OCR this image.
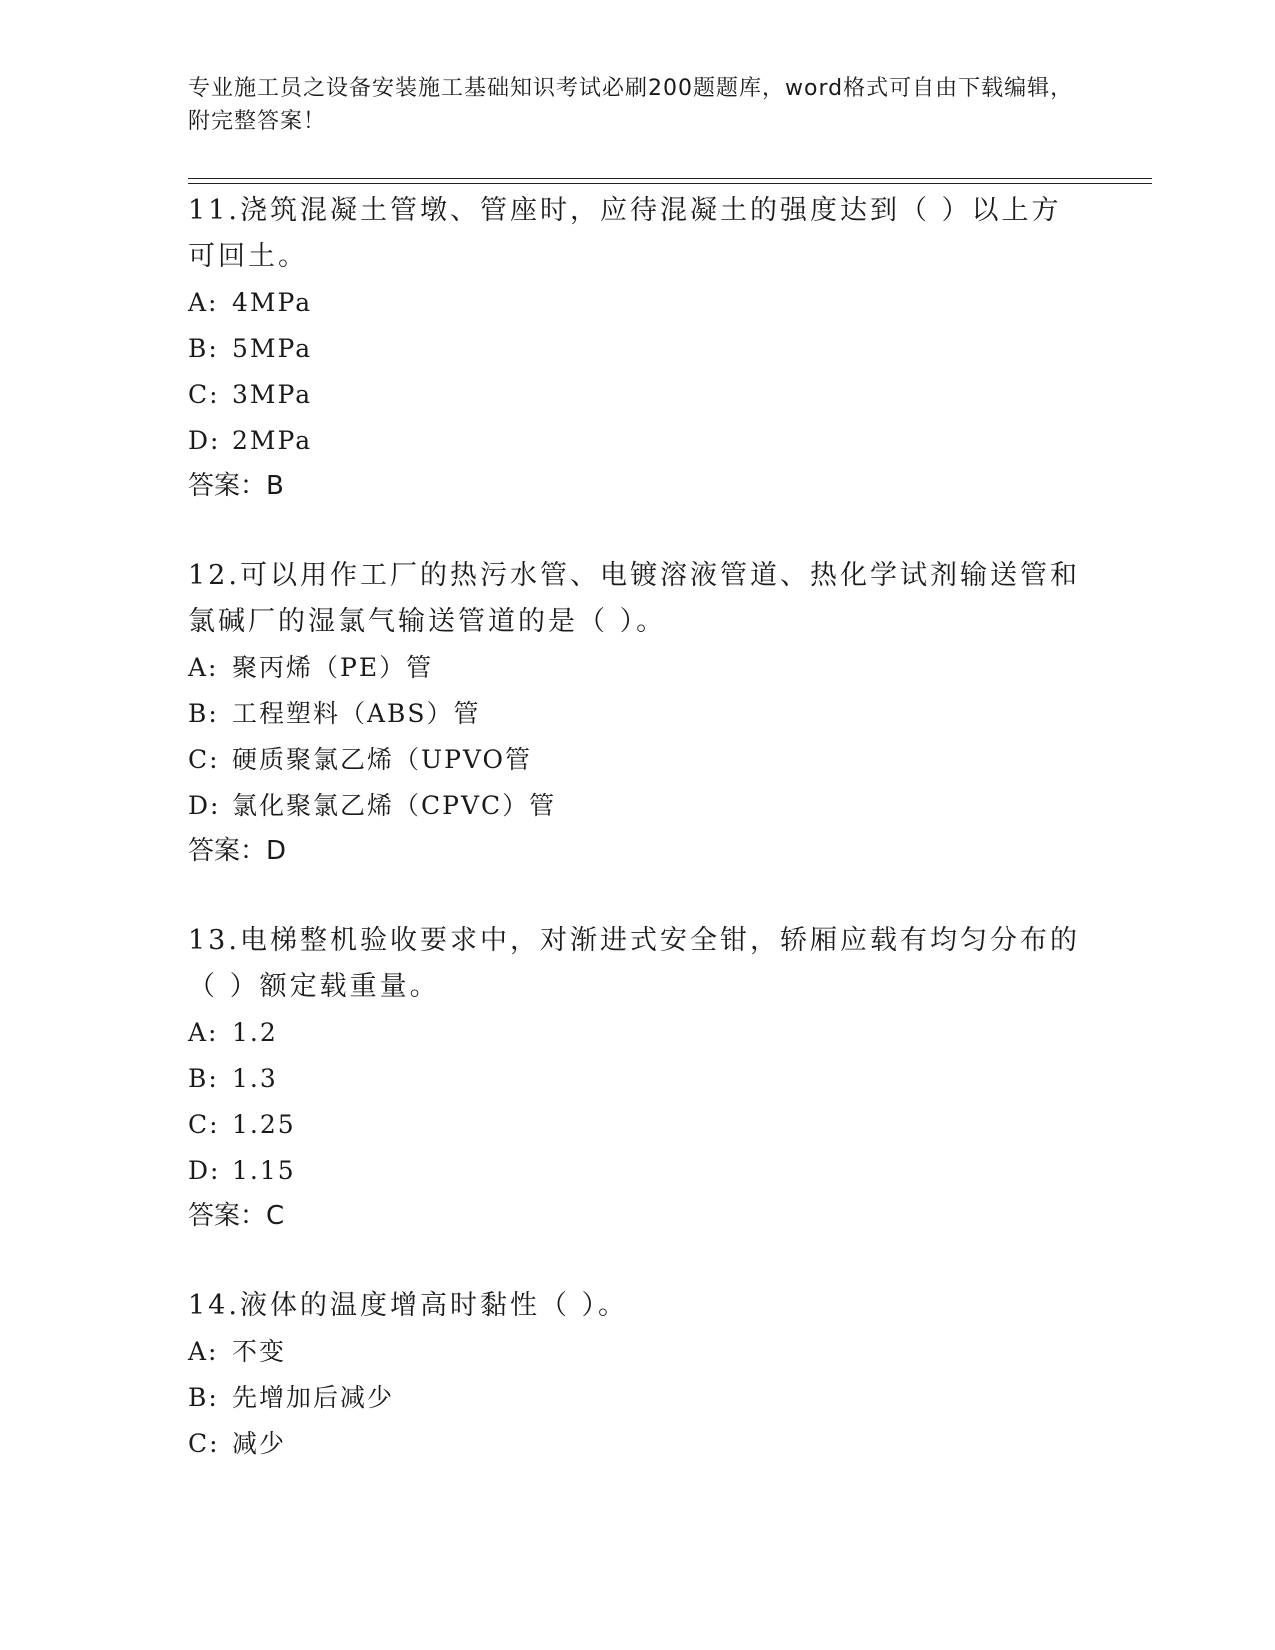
专业施工员之设备安装施工基础知识考试必刷200题题库，word格式可自由下载编辑，附完整答案！

11.浇筑混凝土管墩、管座时，应待混凝土的强度达到（ ）以上方可回土。

A: 4MPa
B: 5MPa
C: 3MPa
D: 2MPa
答案：B

12.可以用作工厂的热污水管、电镀溶液管道、热化学试剂输送管和氯碱厂的湿氯气输送管道的是（ ）。

A: 聚丙烯（PE）管
B: 工程塑料（ABS）管
C: 硬质聚氯乙烯（UPVO管
D: 氯化聚氯乙烯（CPVC）管
答案：D

13.电梯整机验收要求中，对渐进式安全钳，轿厢应载有均匀分布的（ ）额定载重量。

A: 1.2
B: 1.3
C: 1.25
D: 1.15
答案：C

14.液体的温度增高时黏性（ ）。

A: 不变
B: 先增加后减少
C: 减少
